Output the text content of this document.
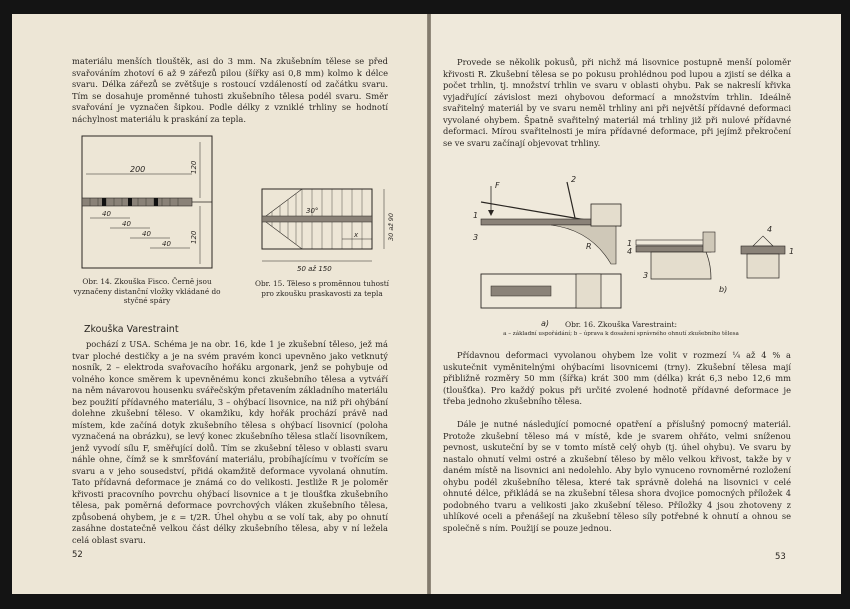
materiálu menších tlouštěk, asi do 3 mm. Na zkušebním tělese se před svařováním zhotoví 6 až 9 zářezů pilou (šířky asi 0,8 mm) kolmo k délce svaru. Délka zářezů se zvětšuje s rostoucí vzdáleností od začátku svaru. Tím se dosahuje proměnné tuhosti zkušebního tělesa podél svaru. Směr svařování je vyznačen šipkou. Podle délky z vzniklé trhliny se hodnotí náchylnost materiálu k praskání za tepla.

200	120
120
40
40
40
40
Obr. 14. Zkouška Fisco. Černě jsou vyznačeny distanční vložky vkládané do styčné spáry
30°
x	30 až 90
50 až 150
Obr. 15. Těleso s proměnnou tuhostí pro zkoušku praskavosti za tepla
Zkouška Varestraint

pochází z USA. Schéma je na obr. 16, kde 1 je zkušební těleso, jež má tvar ploché destičky a je na svém pravém konci upevněno jako vetknutý nosník, 2 – elektroda svařovacího hořáku argonark, jenž se pohybuje od volného konce směrem k upevněnému konci zkušebního tělesa a vytváří na něm návarovou housenku svářečským přetavením základního materiálu bez použití přídavného materiálu, 3 – ohýbací lisovnice, na niž při ohýbání dolehne zkušební těleso. V okamžiku, kdy hořák prochází právě nad místem, kde začíná dotyk zkušebního tělesa s ohýbací lisovnicí (poloha vyznačená na obrázku), se levý konec zkušebního tělesa stlačí lisovníkem, jenž vyvodí sílu F, směřující dolů. Tím se zkušební těleso v oblasti svaru náhle ohne, čímž se k smršťování materiálu, probíhajícímu v tvořícím se svaru a v jeho sousedství, přidá okamžitě deformace vyvolaná ohnutím. Tato přídavná deformace je známá co do velikosti. Jestliže R je poloměr křivosti pracovního povrchu ohýbací lisovnice a t je tloušťka zkušebního tělesa, pak poměrná deformace povrchových vláken zkušebního tělesa, způsobená ohybem, je ε = t/2R. Úhel ohybu α se volí tak, aby po ohnutí zasáhne dostatečně velkou část délky zkušebního tělesa, aby v ní ležela celá oblast svaru.

52

Provede se několik pokusů, při nichž má lisovnice postupně menší poloměr křivosti R. Zkušební tělesa se po pokusu prohlédnou pod lupou a zjistí se délka a počet trhlin, tj. množství trhlin ve svaru v oblasti ohybu. Pak se nakreslí křivka vyjadřující závislost mezi ohybovou deformací a množstvím trhlin. Ideálně svařitelný materiál by ve svaru neměl trhliny ani při největší přídavné deformaci vyvolané ohybem. Špatně svařitelný materiál má trhliny již při nulové přídavné deformaci. Mírou svařitelnosti je míra přídavné deformace, při jejímž překročení se ve svaru začínají objevovat trhliny.

F
1
2
3
R
a)
1
4
3
4
1
b)
Obr. 16. Zkouška Varestraint:
a – základní uspořádání; b – úprava k dosažení správného ohnutí zkušebního tělesa

Přídavnou deformaci vyvolanou ohybem lze volit v rozmezí ¼ až 4 % a uskutečnit vyměnitelnými ohýbacími lisovnicemi (trny). Zkušební tělesa mají přibližně rozměry 50 mm (šířka) krát 300 mm (délka) krát 6,3 nebo 12,6 mm (tloušťka). Pro každý pokus při určité zvolené hodnotě přídavné deformace je třeba jednoho zkušebního tělesa.

Dále je nutné následující pomocné opatření a příslušný pomocný materiál. Protože zkušební těleso má v místě, kde je svarem ohřáto, velmi sníženou pevnost, uskuteční by se v tomto místě celý ohyb (tj. úhel ohybu). Ve svaru by nastalo ohnutí velmi ostré a zkušební těleso by mělo velkou křivost, takže by v daném místě na lisovnici ani nedolehlo. Aby bylo vynuceno rovnoměrné rozložení ohybu podél zkušebního tělesa, které tak správně dolehá na lisovnici v celé ohnuté délce, přikládá se na zkušební tělesa shora dvojice pomocných příložek 4 podobného tvaru a velikosti jako zkušební těleso. Příložky 4 jsou zhotoveny z uhlíkové oceli a přenášejí na zkušební těleso síly potřebné k ohnutí a ohnou se společně s ním. Použijí se pouze jednou.

53
